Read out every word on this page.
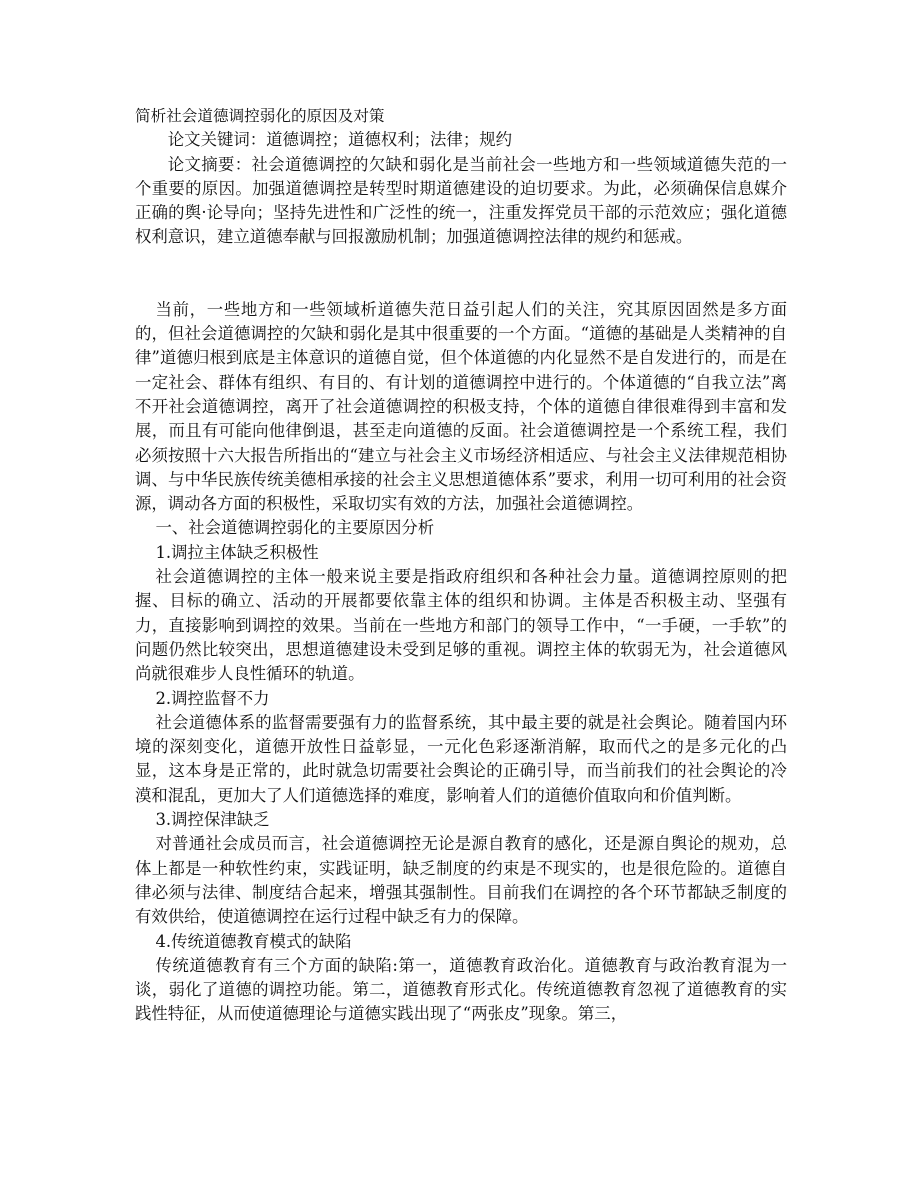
简析社会道德调控弱化的原因及对策

论文关键词：道德调控；道德权利；法律；规约

论文摘要：社会道德调控的欠缺和弱化是当前社会一些地方和一些领域道德失范的一个重要的原因。加强道德调控是转型时期道德建设的迫切要求。为此，必须确保信息媒介正确的舆·论导向；坚持先进性和广泛性的统一，注重发挥党员干部的示范效应；强化道德权利意识，建立道德奉献与回报激励机制；加强道德调控法律的规约和惩戒。

当前，一些地方和一些领域析道德失范日益引起人们的关注，究其原因固然是多方面的，但社会道德调控的欠缺和弱化是其中很重要的一个方面。“道德的基础是人类精神的自律”道德归根到底是主体意识的道德自觉，但个体道德的内化显然不是自发进行的，而是在一定社会、群体有组织、有目的、有计划的道德调控中进行的。个体道德的“自我立法”离不开社会道德调控，离开了社会道德调控的积极支持，个体的道德自律很难得到丰富和发展，而且有可能向他律倒退，甚至走向道德的反面。社会道德调控是一个系统工程，我们必须按照十六大报告所指出的“建立与社会主义市场经济相适应、与社会主义法律规范相协调、与中华民族传统美德相承接的社会主义思想道德体系”要求，利用一切可利用的社会资源，调动各方面的积极性，采取切实有效的方法，加强社会道德调控。

一、社会道德调控弱化的主要原因分析

1.调拉主体缺乏积极性

社会道德调控的主体一般来说主要是指政府组织和各种社会力量。道德调控原则的把握、目标的确立、活动的开展都要依靠主体的组织和协调。主体是否积极主动、坚强有力，直接影响到调控的效果。当前在一些地方和部门的领导工作中，“一手硬，一手软”的问题仍然比较突出，思想道德建设未受到足够的重视。调控主体的软弱无为，社会道德风尚就很难步人良性循环的轨道。

2.调控监督不力

社会道德体系的监督需要强有力的监督系统，其中最主要的就是社会舆论。随着国内环境的深刻变化，道德开放性日益彰显，一元化色彩逐渐消解，取而代之的是多元化的凸显，这本身是正常的，此时就急切需要社会舆论的正确引导，而当前我们的社会舆论的冷漠和混乱，更加大了人们道德选择的难度，影响着人们的道德价值取向和价值判断。

3.调控保津缺乏

对普通社会成员而言，社会道德调控无论是源自教育的感化，还是源自舆论的规劝，总体上都是一种软性约束，实践证明，缺乏制度的约束是不现实的，也是很危险的。道德自律必须与法律、制度结合起来，增强其强制性。目前我们在调控的各个环节都缺乏制度的有效供给，使道德调控在运行过程中缺乏有力的保障。

4.传统道德教育模式的缺陷

传统道德教育有三个方面的缺陷:第一，道德教育政治化。道德教育与政治教育混为一谈，弱化了道德的调控功能。第二，道德教育形式化。传统道德教育忽视了道德教育的实践性特征，从而使道德理论与道德实践出现了“两张皮”现象。第三，
